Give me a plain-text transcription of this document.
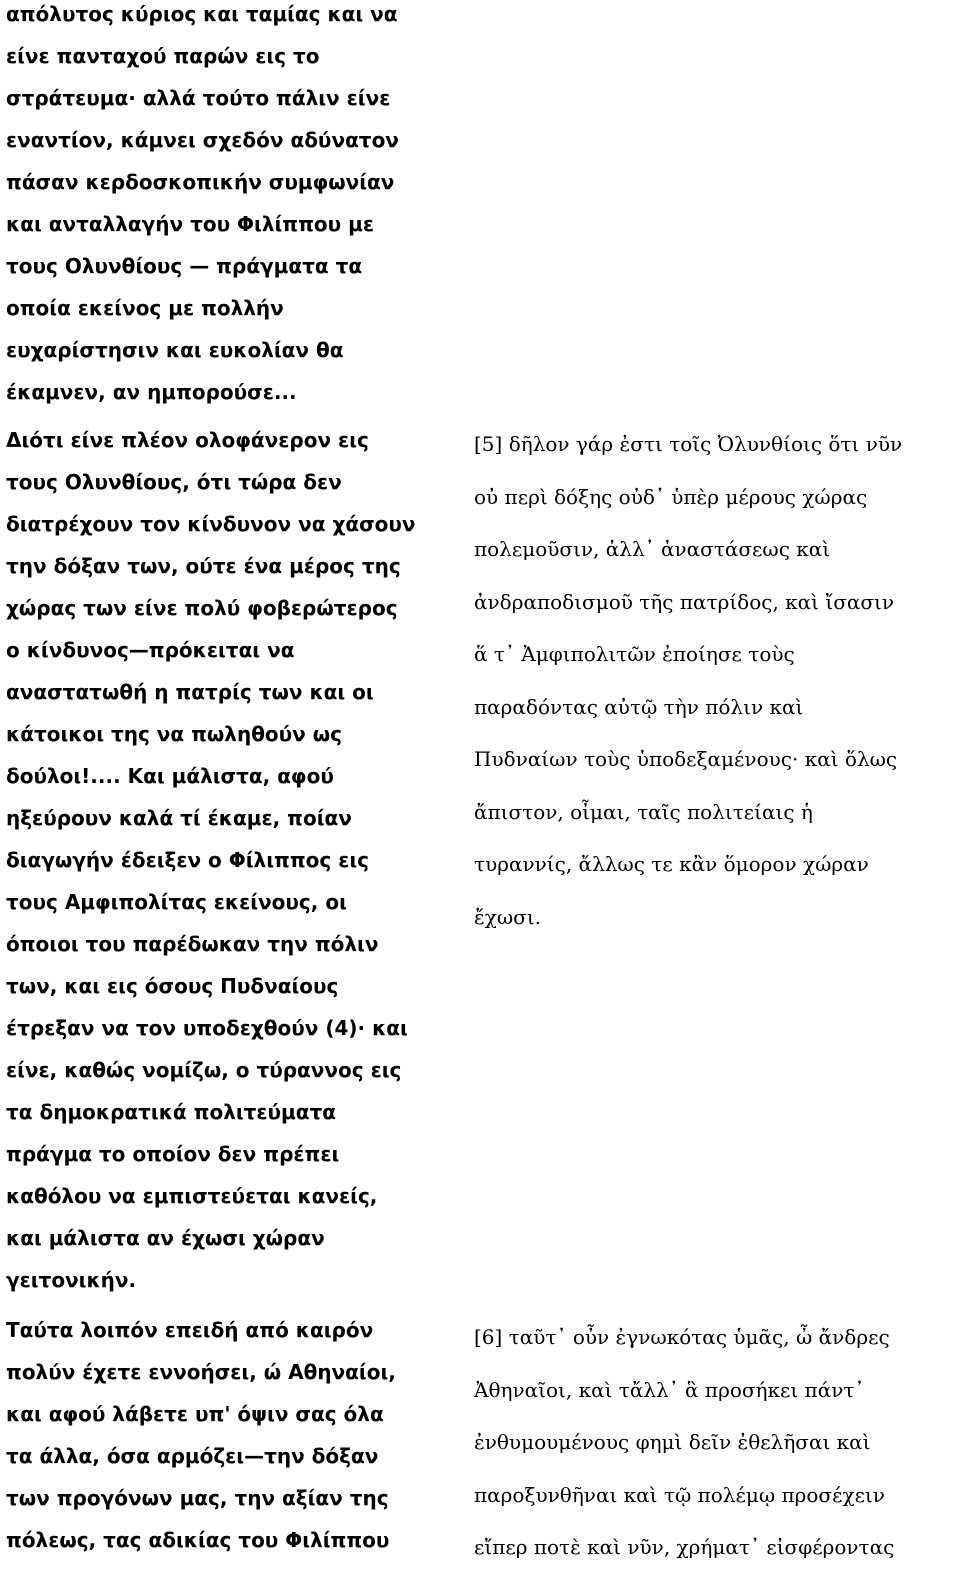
απόλυτος κύριος και ταμίας και να
είνε πανταχού παρών εις το
στράτευμα· αλλά τούτο πάλιν είνε
εναντίον, κάμνει σχεδόν αδύνατον
πάσαν κερδοσκοπικήν συμφωνίαν
και ανταλλαγήν του Φιλίππου με
τους Ολυνθίους — πράγματα τα
οποία εκείνος με πολλήν
ευχαρίστησιν και ευκολίαν θα
έκαμνεν, αν ημπορούσε...
Διότι είνε πλέον ολοφάνερον εις
τους Ολυνθίους, ότι τώρα δεν
διατρέχουν τον κίνδυνον να χάσουν
την δόξαν των, ούτε ένα μέρος της
χώρας των είνε πολύ φοβερώτερος
ο κίνδυνος—πρόκειται να
αναστατωθή η πατρίς των και οι
κάτοικοι της να πωληθούν ως
δούλοι!.... Και μάλιστα, αφού
ηξεύρουν καλά τί έκαμε, ποίαν
διαγωγήν έδειξεν ο Φίλιππος εις
τους Αμφιπολίτας εκείνους, οι
όποιοι του παρέδωκαν την πόλιν
των, και εις όσους Πυδναίους
έτρεξαν να τον υποδεχθούν (4)· και
είνε, καθώς νομίζω, ο τύραννος εις
τα δημοκρατικά πολιτεύματα
πράγμα το οποίον δεν πρέπει
καθόλου να εμπιστεύεται κανείς,
και μάλιστα αν έχωσι χώραν
γειτονικήν.
[5] δῆλον γάρ ἐστι τοῖς Ὀλυνθίοις ὅτι νῦν
οὐ περὶ δόξης οὐδ᾽ ὑπὲρ μέρους χώρας
πολεμοῦσιν, ἀλλ᾽ ἀναστάσεως καὶ
ἀνδραποδισμοῦ τῆς πατρίδος, καὶ ἴσασιν
ἅ τ᾽ Ἀμφιπολιτῶν ἐποίησε τοὺς
παραδόντας αὐτῷ τὴν πόλιν καὶ
Πυδναίων τοὺς ὑποδεξαμένους· καὶ ὅλως
ἄπιστον, οἶμαι, ταῖς πολιτείαις ἡ
τυραννίς, ἄλλως τε κἂν ὅμορον χώραν
ἔχωσι.
Ταύτα λοιπόν επειδή από καιρόν
πολύν έχετε εννοήσει, ώ Αθηναίοι,
και αφού λάβετε υπ' όψιν σας όλα
τα άλλα, όσα αρμόζει—την δόξαν
των προγόνων μας, την αξίαν της
πόλεως, τας αδικίας του Φιλίππου
[6] ταῦτ᾽ οὖν ἐγνωκότας ὑμᾶς, ὦ ἄνδρες
Ἀθηναῖοι, καὶ τἄλλ᾽ ἃ προσήκει πάντ᾽
ἐνθυμουμένους φημὶ δεῖν ἐθελῆσαι καὶ
παροξυνθῆναι καὶ τῷ πολέμῳ προσέχειν
εἴπερ ποτὲ καὶ νῦν, χρήματ᾽ εἰσφέροντας
